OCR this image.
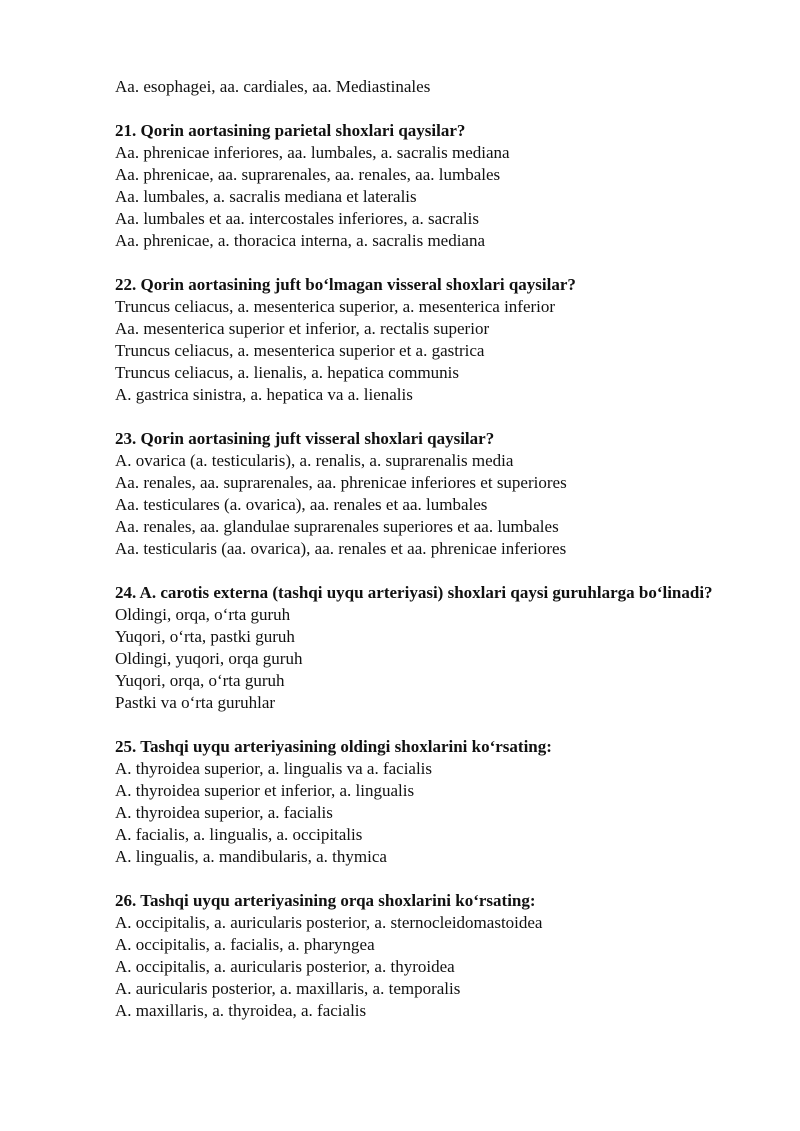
Aa. esophagei, aa. cardiales, aa. Mediastinales
21. Qorin aortasining parietal shoxlari qaysilar?
Aa. phrenicae inferiores, aa. lumbales, a. sacralis mediana
Aa. phrenicae, aa. suprarenales, aa. renales, aa. lumbales
Aa. lumbales, a. sacralis mediana et lateralis
Aa. lumbales et aa. intercostales inferiores, a. sacralis
Aa. phrenicae, a. thoracica interna, a. sacralis mediana
22. Qorin aortasining juft bo‘lmagan visseral shoxlari qaysilar?
Truncus celiacus, a. mesenterica superior, a. mesenterica inferior
Aa. mesenterica superior et inferior, a. rectalis superior
Truncus celiacus, a. mesenterica superior et a. gastrica
Truncus celiacus, a. lienalis, a. hepatica communis
A. gastrica sinistra, a. hepatica va a. lienalis
23. Qorin aortasining juft visseral shoxlari qaysilar?
A. ovarica (a. testicularis), a. renalis, a. suprarenalis media
Aa. renales, aa. suprarenales, aa. phrenicae inferiores et superiores
Aa. testiculares (a. ovarica), aa. renales et aa. lumbales
Aa. renales, aa. glandulae suprarenales superiores et aa. lumbales
Aa. testicularis (aa. ovarica), aa. renales et aa. phrenicae inferiores
24. A. carotis externa (tashqi uyqu arteriyasi) shoxlari qaysi guruhlarga bo‘linadi?
Oldingi, orqa, o‘rta guruh
Yuqori, o‘rta, pastki guruh
Oldingi, yuqori, orqa guruh
Yuqori, orqa, o‘rta guruh
Pastki va o‘rta guruhlar
25. Tashqi uyqu arteriyasining oldingi shoxlarini ko‘rsating:
A. thyroidea superior, a. lingualis va a. facialis
A. thyroidea superior et inferior, a. lingualis
A. thyroidea superior, a. facialis
A. facialis, a. lingualis, a. occipitalis
A. lingualis, a. mandibularis, a. thymica
26. Tashqi uyqu arteriyasining orqa shoxlarini ko‘rsating:
A. occipitalis, a. auricularis posterior, a. sternocleidomastoidea
A. occipitalis, a. facialis, a. pharyngea
A. occipitalis, a. auricularis posterior, a. thyroidea
A. auricularis posterior, a. maxillaris, a. temporalis
A. maxillaris, a. thyroidea, a. facialis
